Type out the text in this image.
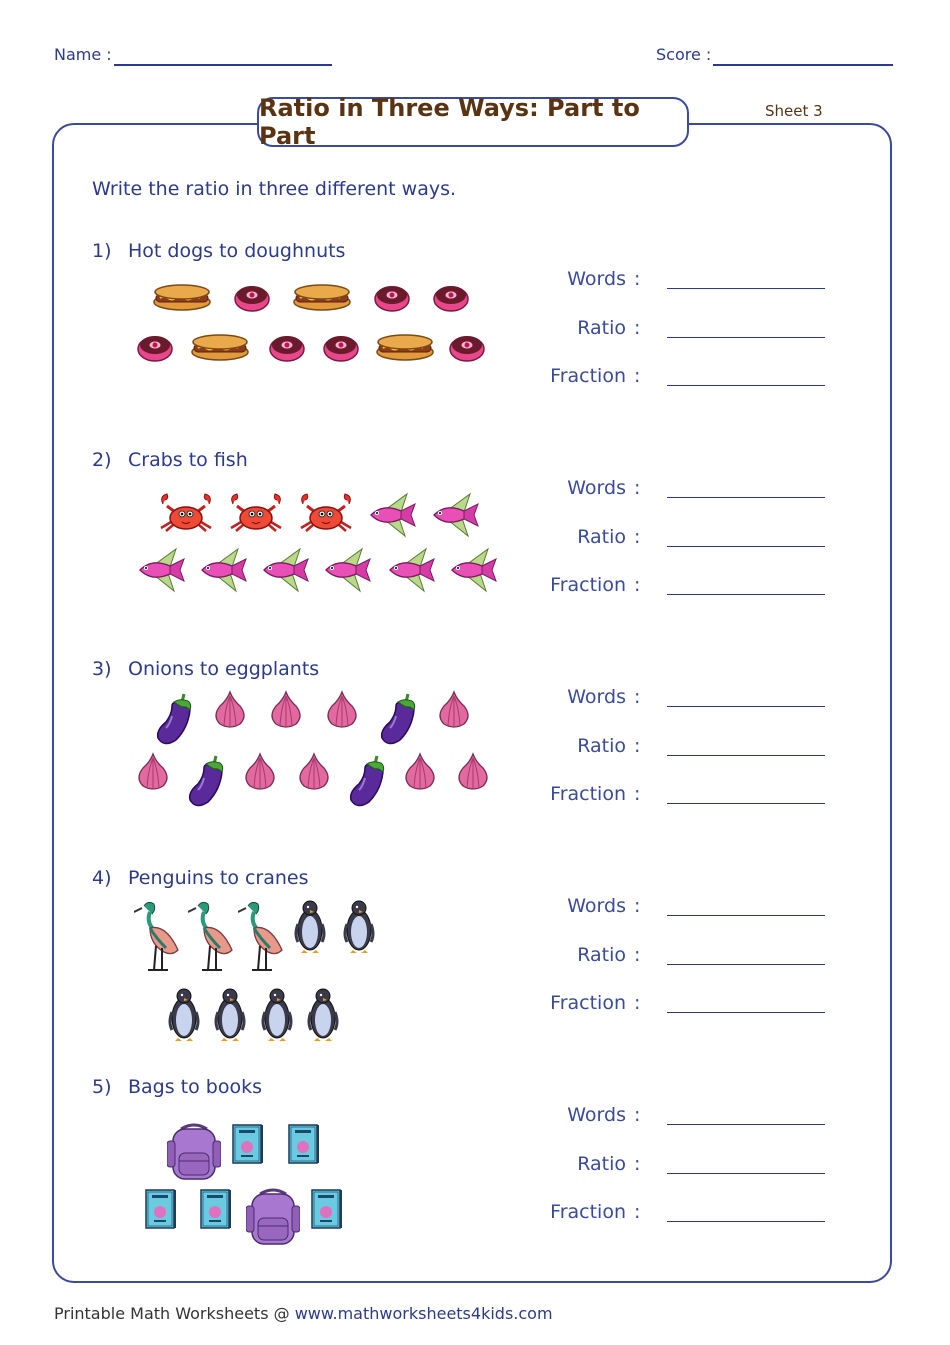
Name :	Score :
Ratio in Three Ways: Part to Part
Sheet 3
Write the ratio in three different ways.
1) Hot dogs to doughnuts
Words :
Ratio :
Fraction :
2) Crabs to fish
Words :
Ratio :
Fraction :
3) Onions to eggplants
Words :
Ratio :
Fraction :
4) Penguins to cranes
Words :
Ratio :
Fraction :
5) Bags to books
Words :
Ratio :
Fraction :
Printable Math Worksheets @ www.mathworksheets4kids.com
